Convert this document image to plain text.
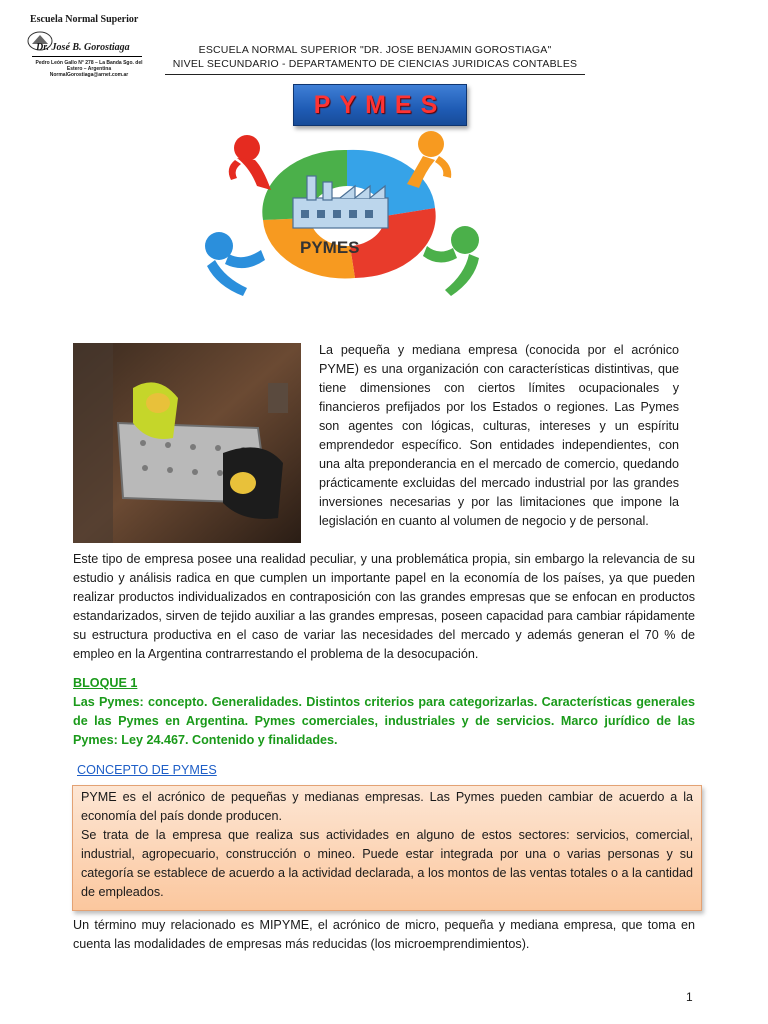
Escuela Normal Superior
Dr. José B. Gorostiaga
Pedro León Gallo N° 278 – La Banda Sgo. del Estero – Argentina NormalGorostiaga@arnet.com.ar
ESCUELA NORMAL SUPERIOR "DR. JOSE BENJAMIN GOROSTIAGA"
NIVEL SECUNDARIO - DEPARTAMENTO DE CIENCIAS JURIDICAS CONTABLES
PYMES
PYMES
La pequeña y mediana empresa (conocida por el acrónico PYME) es una organización con características distintivas, que tiene dimensiones con ciertos límites ocupacionales y financieros prefijados por los Estados o regiones. Las Pymes son agentes con lógicas, culturas, intereses y un espíritu emprendedor específico. Son entidades independientes, con una alta preponderancia en el mercado de comercio, quedando prácticamente excluidas del mercado industrial por las grandes inversiones necesarias y por las limitaciones que impone la legislación en cuanto al volumen de negocio y de personal.
Este tipo de empresa posee una realidad peculiar, y una problemática propia, sin embargo la relevancia de su estudio y análisis radica en que cumplen un importante papel en la economía de los países, ya que pueden realizar productos individualizados en contraposición con las grandes empresas que se enfocan en productos estandarizados, sirven de tejido auxiliar a las grandes empresas, poseen capacidad para cambiar rápidamente su estructura productiva en el caso de variar las necesidades del mercado y además generan el 70 % de empleo en la Argentina contrarrestando el problema de la desocupación.
BLOQUE 1
Las Pymes: concepto. Generalidades. Distintos criterios para categorizarlas. Características generales de las Pymes en Argentina. Pymes comerciales, industriales y de servicios. Marco jurídico de las Pymes: Ley 24.467. Contenido y finalidades.
CONCEPTO DE PYMES

PYME es el acrónico de pequeñas y medianas empresas. Las Pymes pueden cambiar de acuerdo a la economía del país donde producen.

Se trata de la empresa que realiza sus actividades en alguno de estos sectores: servicios, comercial, industrial, agropecuario, construcción o mineo. Puede estar integrada por una o varias personas y su categoría se establece de acuerdo a la actividad declarada, a los montos de las ventas totales o a la cantidad de empleados.

Un término muy relacionado es MIPYME, el acrónico de micro, pequeña y mediana empresa, que toma en cuenta las modalidades de empresas más reducidas (los microemprendimientos).
1
